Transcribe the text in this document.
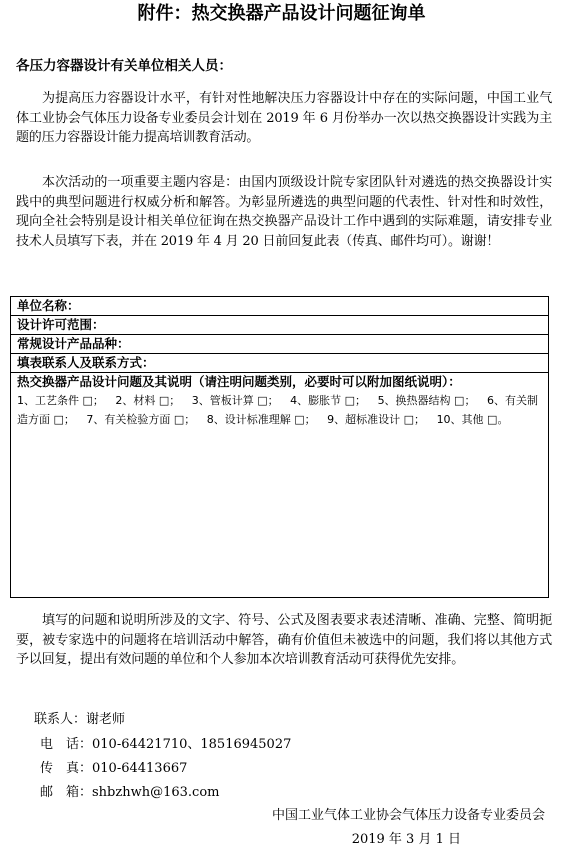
附件：热交换器产品设计问题征询单
各压力容器设计有关单位相关人员：

为提高压力容器设计水平，有针对性地解决压力容器设计中存在的实际问题，中国工业气体工业协会气体压力设备专业委员会计划在 2019 年 6 月份举办一次以热交换器设计实践为主题的压力容器设计能力提高培训教育活动。

本次活动的一项重要主题内容是：由国内顶级设计院专家团队针对遴选的热交换器设计实践中的典型问题进行权威分析和解答。为彰显所遴选的典型问题的代表性、针对性和时效性，现向全社会特别是设计相关单位征询在热交换器产品设计工作中遇到的实际难题，请安排专业技术人员填写下表，并在 2019 年 4 月 20 日前回复此表（传真、邮件均可）。谢谢！

单位名称：
设计许可范围：
常规设计产品品种：
填表联系人及联系方式：
热交换器产品设计问题及其说明（请注明问题类别，必要时可以附加图纸说明）：
1、工艺条件 □； 2、材料 □； 3、管板计算 □； 4、膨胀节 □； 5、换热器结构 □； 6、有关制造方面 □； 7、有关检验方面 □； 8、设计标准理解 □； 9、超标准设计 □； 10、其他 □。

填写的问题和说明所涉及的文字、符号、公式及图表要求表述清晰、准确、完整、简明扼要，被专家选中的问题将在培训活动中解答，确有价值但未被选中的问题，我们将以其他方式予以回复，提出有效问题的单位和个人参加本次培训教育活动可获得优先安排。

联系人：谢老师
电　话：010-64421710、18516945027
传　真：010-64413667
邮　箱：shbzhwh@163.com
中国工业气体工业协会气体压力设备专业委员会
2019 年 3 月 1 日
